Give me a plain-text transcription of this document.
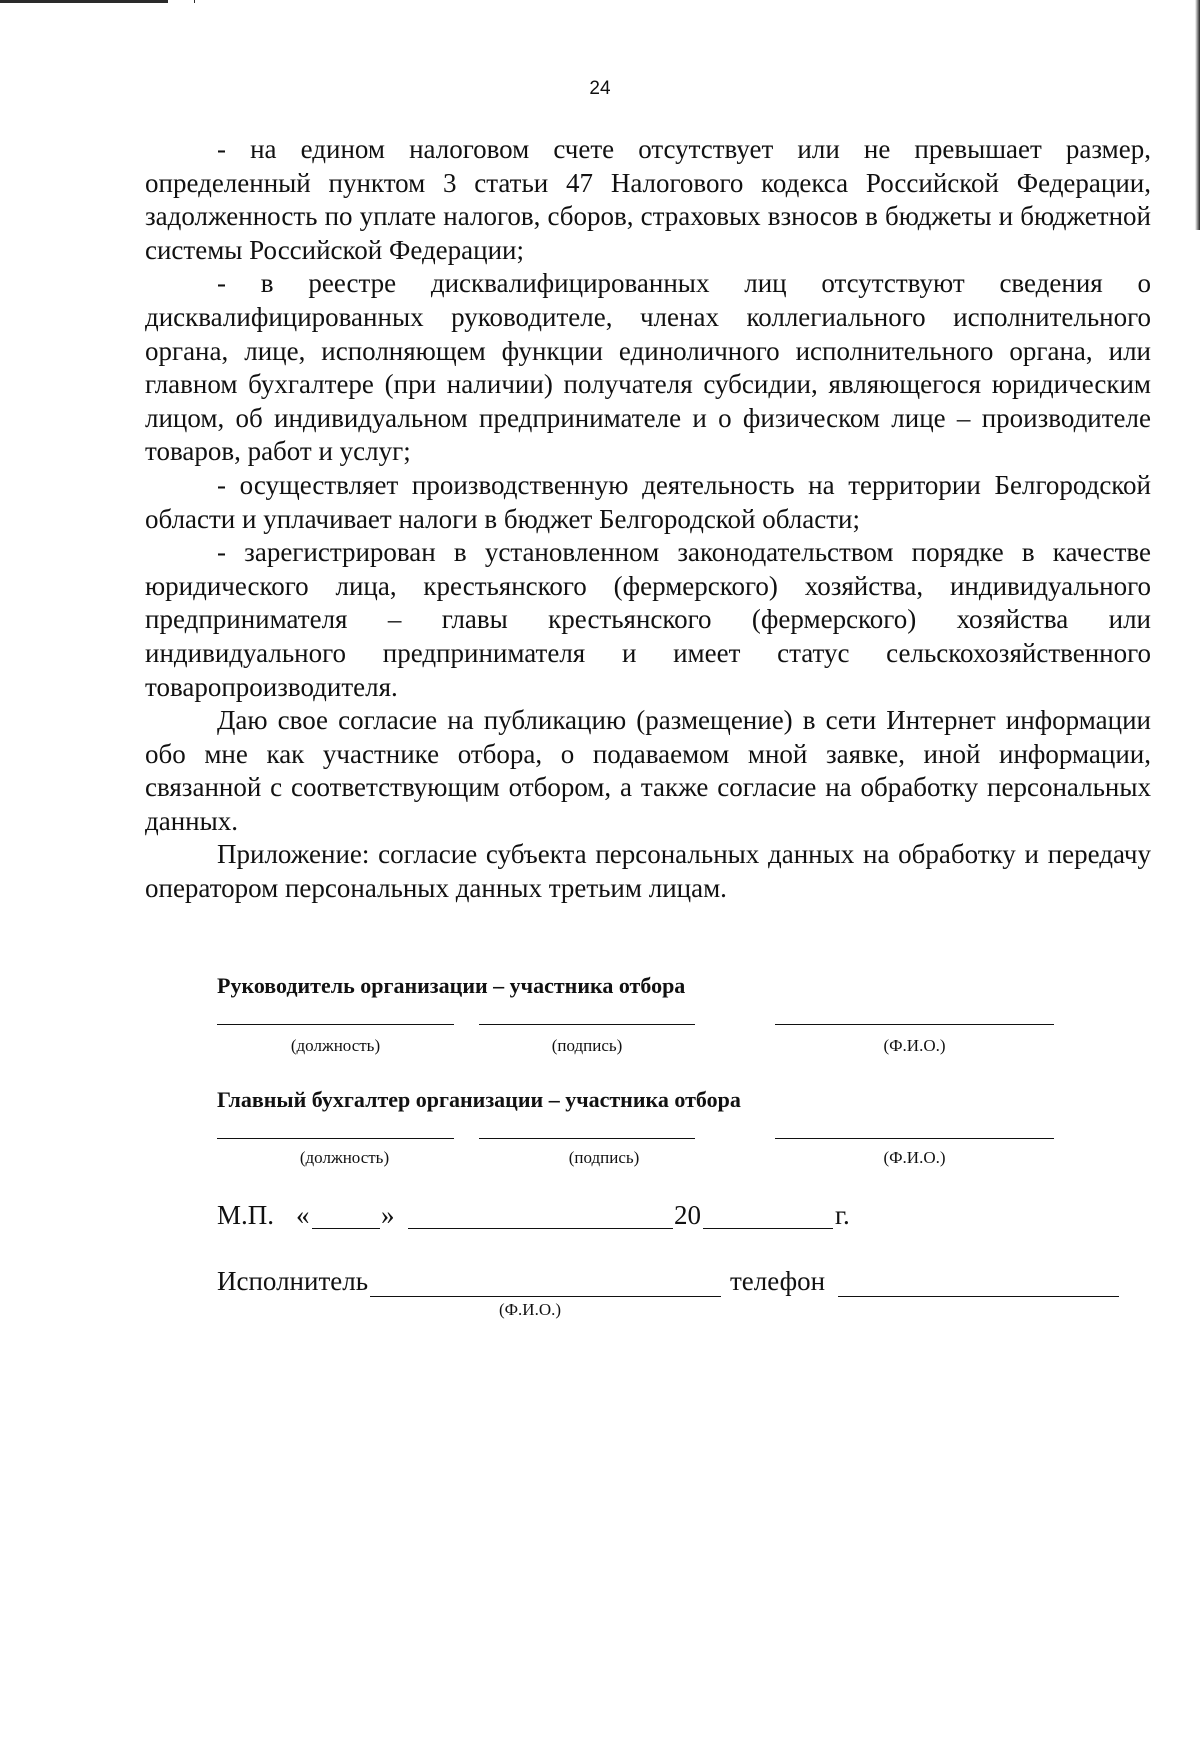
24

- на едином налоговом счете отсутствует или не превышает размер, определенный пунктом 3 статьи 47 Налогового кодекса Российской Федерации, задолженность по уплате налогов, сборов, страховых взносов в бюджеты и бюджетной системы Российской Федерации;

- в реестре дисквалифицированных лиц отсутствуют сведения о дисквалифицированных руководителе, членах коллегиального исполнительного органа, лице, исполняющем функции единоличного исполнительного органа, или главном бухгалтере (при наличии) получателя субсидии, являющегося юридическим лицом, об индивидуальном предпринимателе и о физическом лице – производителе товаров, работ и услуг;

- осуществляет производственную деятельность на территории Белгородской области и уплачивает налоги в бюджет Белгородской области;

- зарегистрирован в установленном законодательством порядке в качестве юридического лица, крестьянского (фермерского) хозяйства, индивидуального предпринимателя – главы крестьянского (фермерского) хозяйства или индивидуального предпринимателя и имеет статус сельскохозяйственного товаропроизводителя.

Даю свое согласие на публикацию (размещение) в сети Интернет информации обо мне как участнике отбора, о подаваемом мной заявке, иной информации, связанной с соответствующим отбором, а также согласие на обработку персональных данных.

Приложение: согласие субъекта персональных данных на обработку и передачу оператором персональных данных третьим лицам.

Руководитель организации – участника отбора
(должность)	(подпись)	(Ф.И.О.)
Главный бухгалтер организации – участника отбора
(должность)	(подпись)	(Ф.И.О.)
М.П. «	»	20	г.
Исполнитель
(Ф.И.О.)
телефон
